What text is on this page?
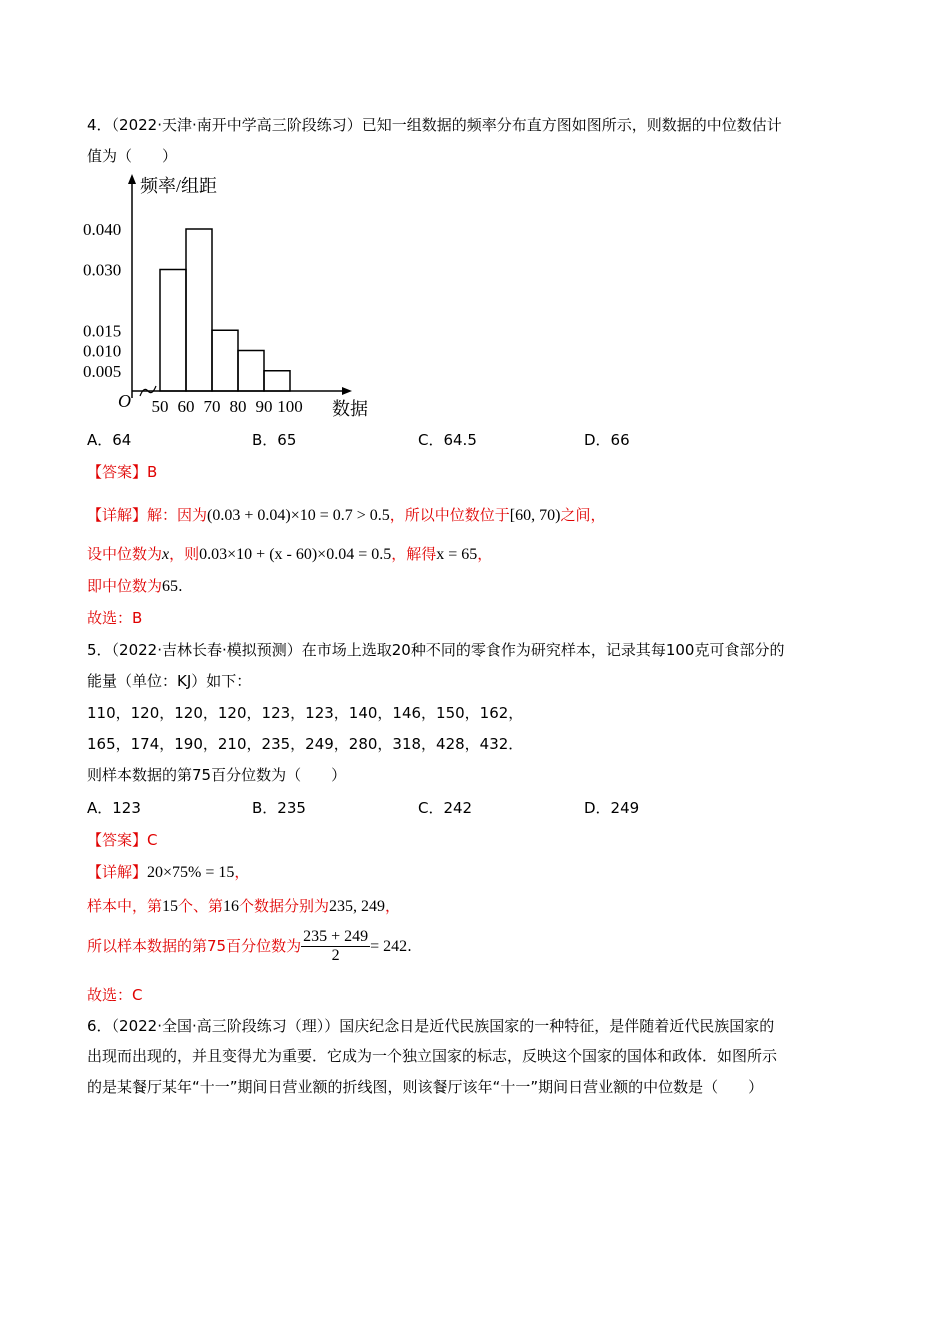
4．（2022·天津·南开中学高三阶段练习）已知一组数据的频率分布直方图如图所示，则数据的中位数估计
值为（　　）
频率/组距
数据
O
0.040
0.030
0.015
0.010
0.005
50 60 70 80 90 100
A．64	B．65	C．64.5	D．66
【答案】B
【详解】解：因为(0.03 + 0.04)×10 = 0.7 > 0.5，所以中位数位于[60, 70)之间，
设中位数为x，则0.03×10 + (x - 60)×0.04 = 0.5，解得x = 65，
即中位数为65.
故选：B
5．（2022·吉林长春·模拟预测）在市场上选取20种不同的零食作为研究样本，记录其每100克可食部分的
能量（单位：KJ）如下：
110，120，120，120，123，123，140，146，150，162，
165，174，190，210，235，249，280，318，428，432．
则样本数据的第75百分位数为（　　）
A．123	B．235	C．242	D．249
【答案】C
【详解】20×75% = 15，
样本中，第15个、第16个数据分别为235, 249，
所以样本数据的第75百分位数为 $\frac{235 + 249}{2} = 242$.
故选：C
6．（2022·全国·高三阶段练习（理））国庆纪念日是近代民族国家的一种特征，是伴随着近代民族国家的
出现而出现的，并且变得尤为重要．它成为一个独立国家的标志，反映这个国家的国体和政体．如图所示
的是某餐厅某年“十一”期间日营业额的折线图，则该餐厅该年“十一”期间日营业额的中位数是（　　）
